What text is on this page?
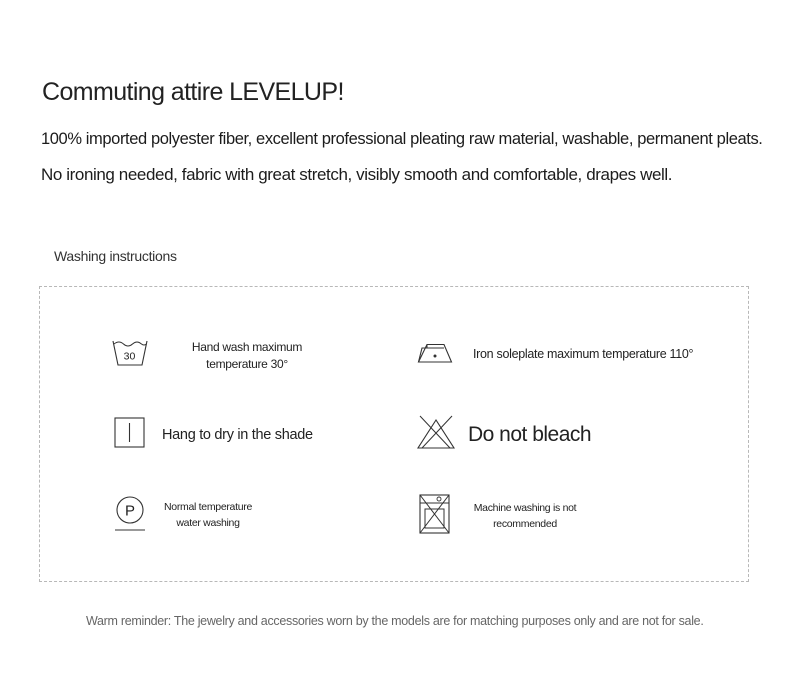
Commuting attire LEVELUP!
100% imported polyester fiber, excellent professional pleating raw material, washable, permanent pleats.
No ironing needed, fabric with great stretch, visibly smooth and comfortable, drapes well.
Washing instructions
30
Hand wash maximum temperature 30°
Iron soleplate maximum temperature 110°
Hang to dry in the shade	Do not bleach
P	Normal temperature water washing
Machine washing is not recommended
Warm reminder: The jewelry and accessories worn by the models are for matching purposes only and are not for sale.
